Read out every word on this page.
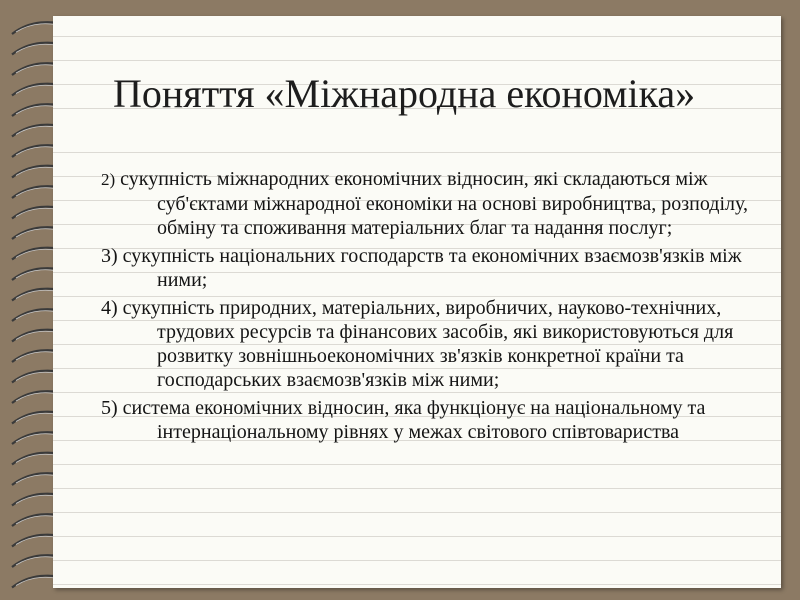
Поняття «Міжнародна економіка»

2) сукупність міжнародних економічних відносин, які складаються між суб'єктами міжнародної економіки на основі виробництва, розподілу, обміну та споживання матеріальних благ та надання послуг;

3) сукупність національних господарств та економічних взаємозв'язків між ними;

4) сукупність природних, матеріальних, виробничих, науково-технічних, трудових ресурсів та фінансових засобів, які використовуються для розвитку зовнішньоекономічних зв'язків конкретної країни та господарських взаємозв'язків між ними;

5) система економічних відносин, яка функціонує на національному та інтернаціональному рівнях у межах світового співтовариства
